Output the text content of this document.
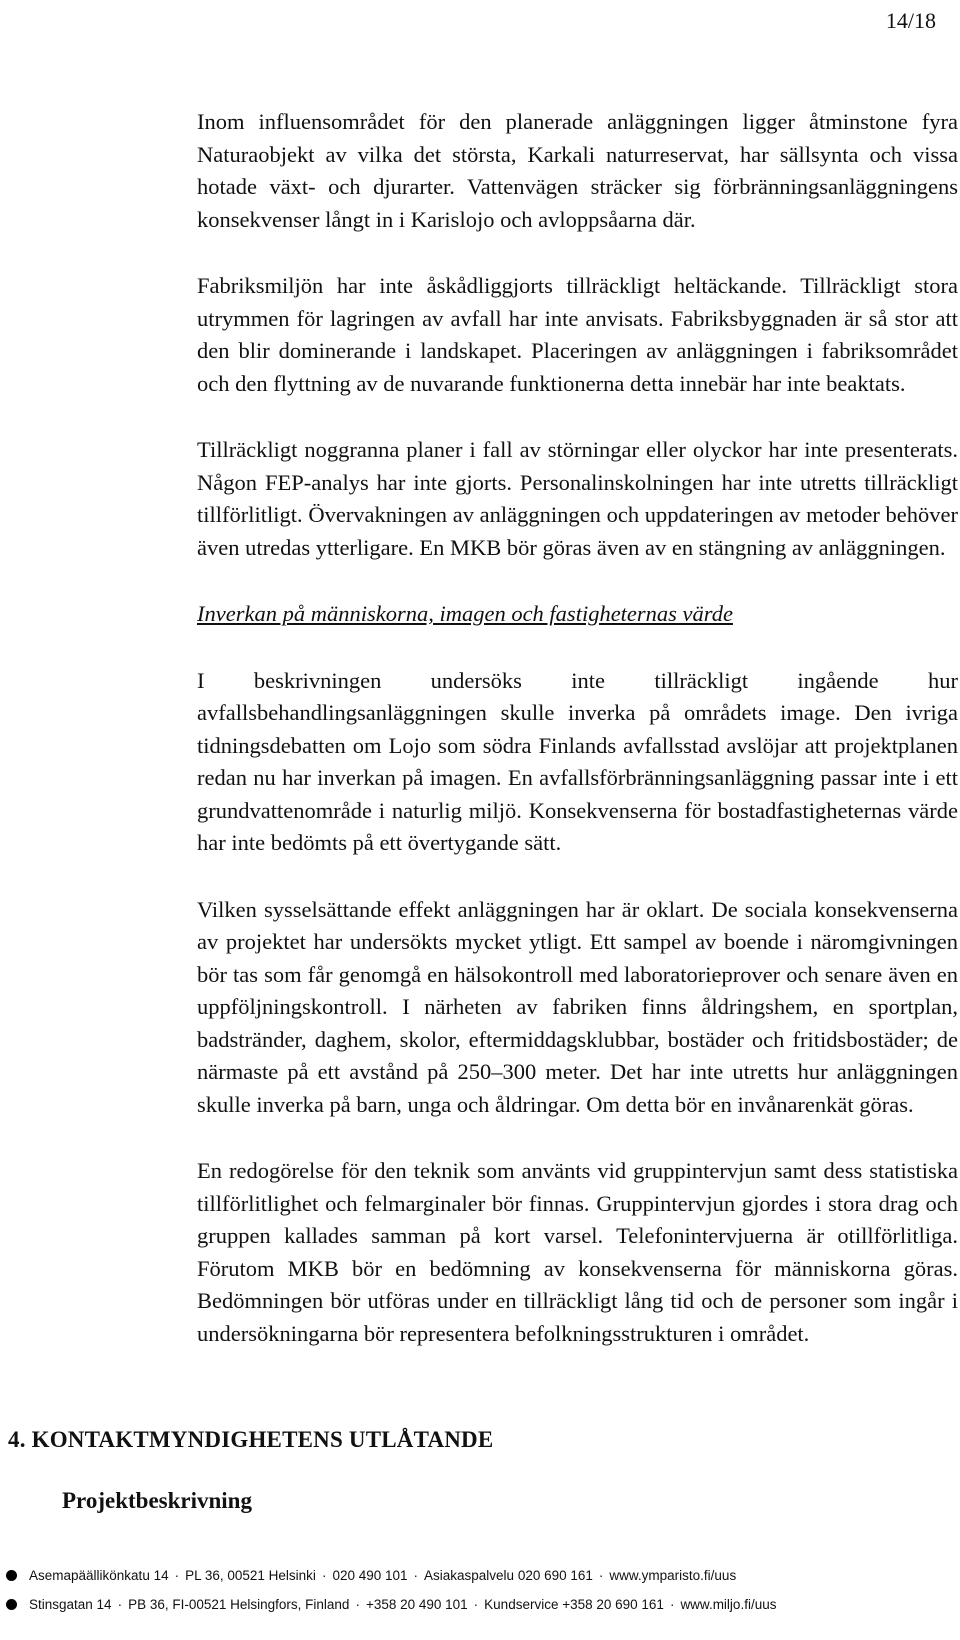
14/18

Inom influensområdet för den planerade anläggningen ligger åtminstone fyra Naturaobjekt av vilka det största, Karkali naturreservat, har sällsynta och vissa hotade växt- och djurarter. Vattenvägen sträcker sig förbränningsanläggningens konsekvenser långt in i Karislojo och avloppsåarna där.

Fabriksmiljön har inte åskådliggjorts tillräckligt heltäckande. Tillräckligt stora utrymmen för lagringen av avfall har inte anvisats. Fabriksbyggnaden är så stor att den blir dominerande i landskapet. Placeringen av anläggningen i fabriksområdet och den flyttning av de nuvarande funktionerna detta innebär har inte beaktats.

Tillräckligt noggranna planer i fall av störningar eller olyckor har inte presenterats. Någon FEP-analys har inte gjorts. Personalinskolningen har inte utretts tillräckligt tillförlitligt. Övervakningen av anläggningen och uppdateringen av metoder behöver även utredas ytterligare. En MKB bör göras även av en stängning av anläggningen.

Inverkan på människorna, imagen och fastigheternas värde

I beskrivningen undersöks inte tillräckligt ingående hur avfallsbehandlingsanläggningen skulle inverka på områdets image. Den ivriga tidningsdebatten om Lojo som södra Finlands avfallsstad avslöjar att projektplanen redan nu har inverkan på imagen. En avfallsförbränningsanläggning passar inte i ett grundvattenområde i naturlig miljö. Konsekvenserna för bostadfastigheternas värde har inte bedömts på ett övertygande sätt.

Vilken sysselsättande effekt anläggningen har är oklart. De sociala konsekvenserna av projektet har undersökts mycket ytligt. Ett sampel av boende i näromgivningen bör tas som får genomgå en hälsokontroll med laboratorieprover och senare även en uppföljningskontroll. I närheten av fabriken finns åldringshem, en sportplan, badstränder, daghem, skolor, eftermiddagsklubbar, bostäder och fritidsbostäder; de närmaste på ett avstånd på 250–300 meter. Det har inte utretts hur anläggningen skulle inverka på barn, unga och åldringar. Om detta bör en invånarenkät göras.

En redogörelse för den teknik som använts vid gruppintervjun samt dess statistiska tillförlitlighet och felmarginaler bör finnas. Gruppintervjun gjordes i stora drag och gruppen kallades samman på kort varsel. Telefonintervjuerna är otillförlitliga. Förutom MKB bör en bedömning av konsekvenserna för människorna göras. Bedömningen bör utföras under en tillräckligt lång tid och de personer som ingår i undersökningarna bör representera befolkningsstrukturen i området.

4. KONTAKTMYNDIGHETENS UTLÅTANDE
Projektbeskrivning
Asemapäällikönkatu 14 · PL 36, 00521 Helsinki · 020 490 101 · Asiakaspalvelu 020 690 161 · www.ymparisto.fi/uus
Stinsgatan 14 · PB 36, FI-00521 Helsingfors, Finland · +358 20 490 101 · Kundservice +358 20 690 161 · www.miljo.fi/uus
